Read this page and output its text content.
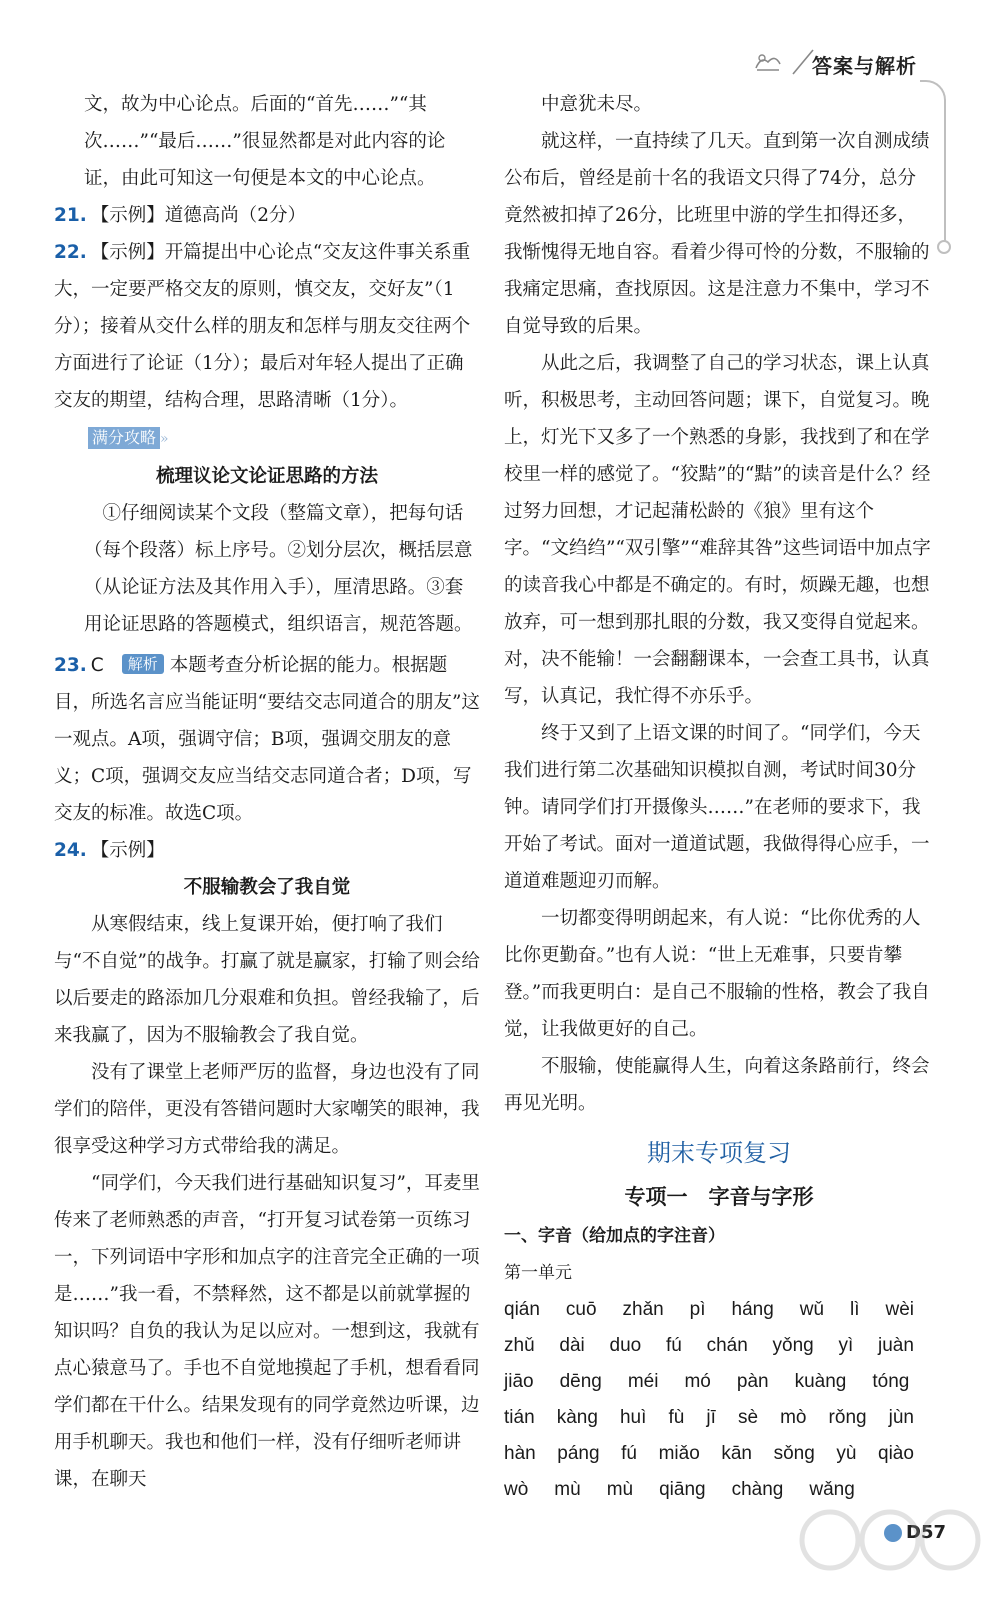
答案与解析

文，故为中心论点。后面的“首先……”“其次……”“最后……”很显然都是对此内容的论证，由此可知这一句便是本文的中心论点。

21. 【示例】道德高尚（2分）

22. 【示例】开篇提出中心论点“交友这件事关系重大，一定要严格交友的原则，慎交友，交好友”（1分）；接着从交什么样的朋友和怎样与朋友交往两个方面进行了论证（1分）；最后对年轻人提出了正确交友的期望，结构合理，思路清晰（1分）。

满分攻略 »

梳理议论文论证思路的方法

①仔细阅读某个文段（整篇文章），把每句话（每个段落）标上序号。②划分层次，概括层意（从论证方法及其作用入手），厘清思路。③套用论证思路的答题模式，组织语言，规范答题。

23. C 解析 本题考查分析论据的能力。根据题目，所选名言应当能证明“要结交志同道合的朋友”这一观点。A项，强调守信；B项，强调交朋友的意义；C项，强调交友应当结交志同道合者；D项，写交友的标准。故选C项。

24. 【示例】

不服输教会了我自觉

从寒假结束，线上复课开始，便打响了我们与“不自觉”的战争。打赢了就是赢家，打输了则会给以后要走的路添加几分艰难和负担。曾经我输了，后来我赢了，因为不服输教会了我自觉。

没有了课堂上老师严厉的监督，身边也没有了同学们的陪伴，更没有答错问题时大家嘲笑的眼神，我很享受这种学习方式带给我的满足。

“同学们，今天我们进行基础知识复习”，耳麦里传来了老师熟悉的声音，“打开复习试卷第一页练习一，下列词语中字形和加点字的注音完全正确的一项是……”我一看，不禁释然，这不都是以前就掌握的知识吗？自负的我认为足以应对。一想到这，我就有点心猿意马了。手也不自觉地摸起了手机，想看看同学们都在干什么。结果发现有的同学竟然边听课，边用手机聊天。我也和他们一样，没有仔细听老师讲课，在聊天

中意犹未尽。

就这样，一直持续了几天。直到第一次自测成绩公布后，曾经是前十名的我语文只得了74分，总分竟然被扣掉了26分，比班里中游的学生扣得还多，我惭愧得无地自容。看着少得可怜的分数，不服输的我痛定思痛，查找原因。这是注意力不集中，学习不自觉导致的后果。

从此之后，我调整了自己的学习状态，课上认真听，积极思考，主动回答问题；课下，自觉复习。晚上，灯光下又多了一个熟悉的身影，我找到了和在学校里一样的感觉了。“狡黠”的“黠”的读音是什么？经过努力回想，才记起蒲松龄的《狼》里有这个字。“文绉绉”“双引擎”“难辞其咎”这些词语中加点字的读音我心中都是不确定的。有时，烦躁无趣，也想放弃，可一想到那扎眼的分数，我又变得自觉起来。对，决不能输！一会翻翻课本，一会查工具书，认真写，认真记，我忙得不亦乐乎。

终于又到了上语文课的时间了。“同学们，今天我们进行第二次基础知识模拟自测，考试时间30分钟。请同学们打开摄像头……”在老师的要求下，我开始了考试。面对一道道试题，我做得得心应手，一道道难题迎刃而解。

一切都变得明朗起来，有人说：“比你优秀的人比你更勤奋。”也有人说：“世上无难事，只要肯攀登。”而我更明白：是自己不服输的性格，教会了我自觉，让我做更好的自己。

不服输，使能赢得人生，向着这条路前行，终会再见光明。

期末专项复习

专项一　字音与字形

一、字音（给加点的字注音）

第一单元

qián cuō zhǎn pì háng wǔ lì wèi
zhǔ dài duo fú chán yǒng yì juàn
jiāo dēng méi mó pàn kuàng tóng
tián kàng huì fù jī sè mò rǒng jùn
hàn páng fú miǎo kān sǒng yù qiào
wò mù mù qiāng chàng wǎng
D57
